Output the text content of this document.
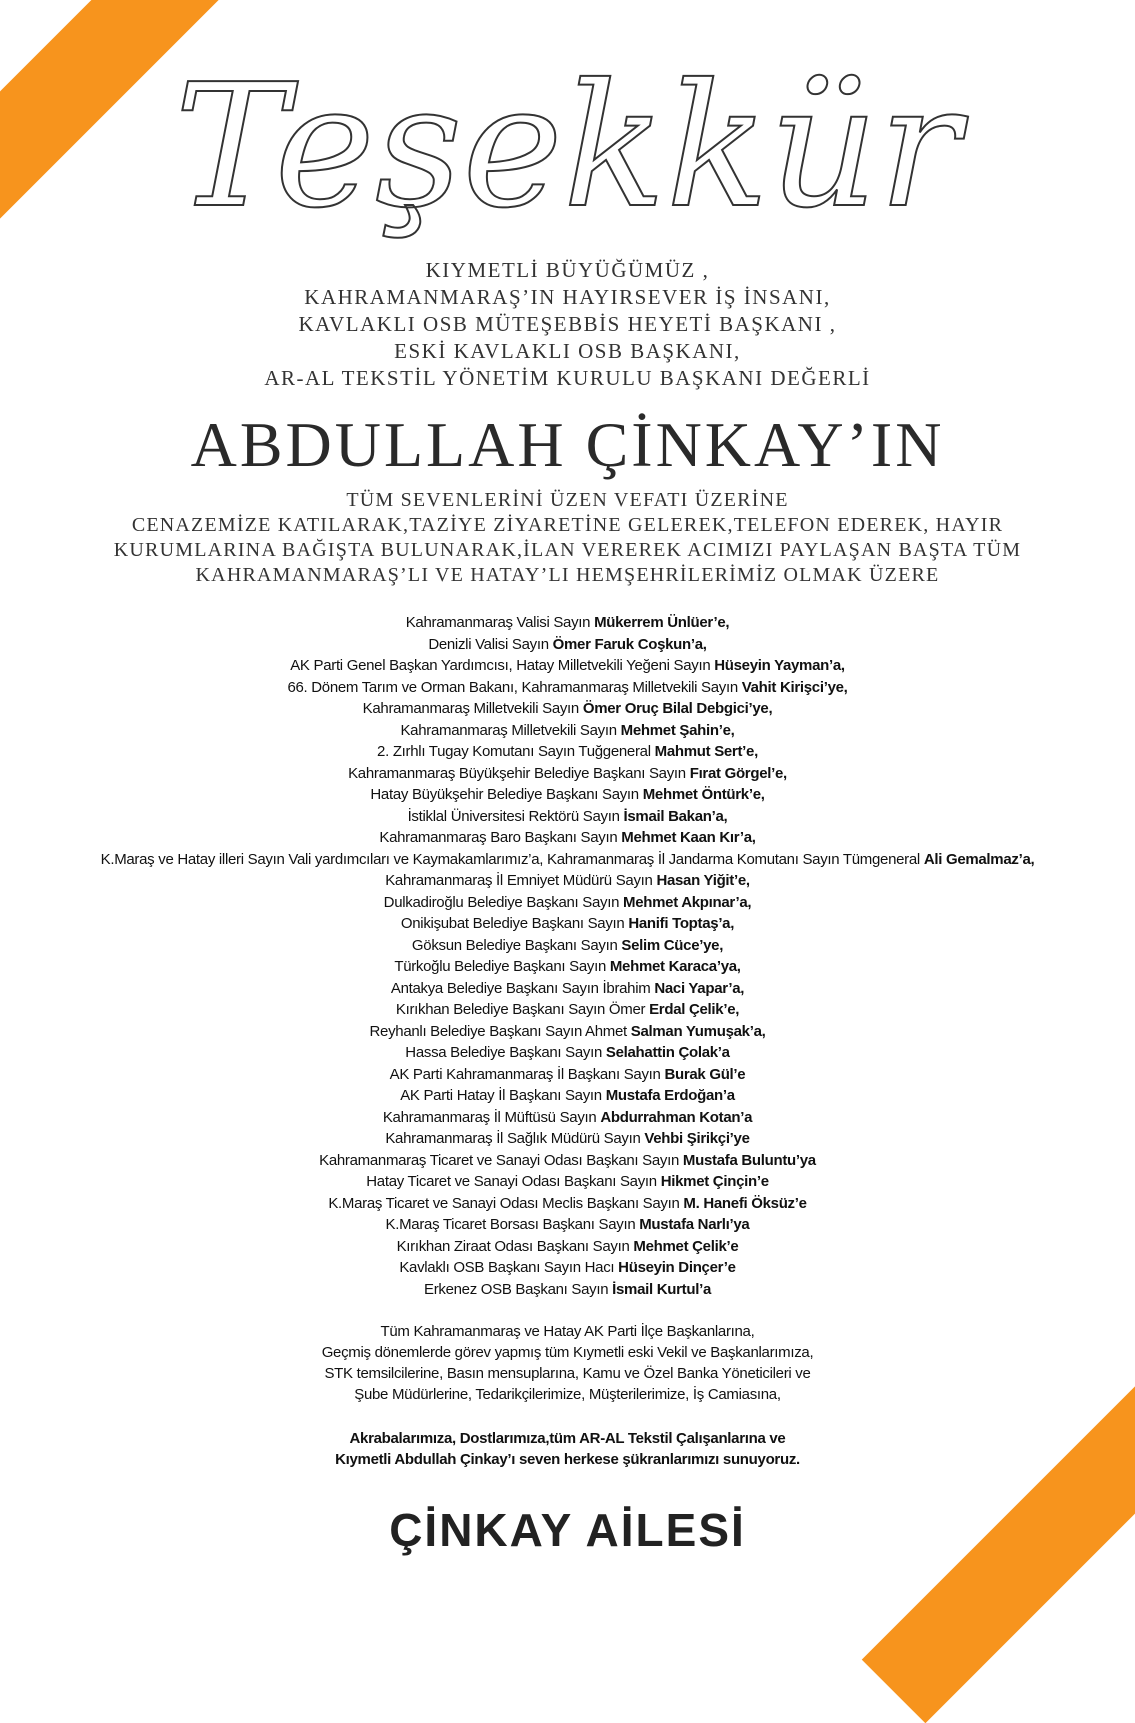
Teşekkür
KIYMETLİ BÜYÜĞÜMÜZ ,
KAHRAMANMARAŞ’IN HAYIRSEVER İŞ İNSANI,
KAVLAKLI OSB MÜTEŞEBBİS HEYETİ BAŞKANI ,
ESKİ KAVLAKLI OSB BAŞKANI,
AR-AL TEKSTİL YÖNETİM KURULU BAŞKANI DEĞERLİ
ABDULLAH ÇİNKAY’IN
TÜM SEVENLERİNİ ÜZEN VEFATI ÜZERİNE
CENAZEMİZE KATILARAK,TAZİYE ZİYARETİNE GELEREK,TELEFON EDEREK, HAYIR
KURUMLARINA BAĞIŞTA BULUNARAK,İLAN VEREREK ACIMIZI PAYLAŞAN BAŞTA TÜM
KAHRAMANMARAŞ’LI VE HATAY’LI HEMŞEHRİLERİMİZ OLMAK ÜZERE
Kahramanmaraş Valisi Sayın Mükerrem Ünlüer’e,
Denizli Valisi Sayın Ömer Faruk Coşkun’a,
AK Parti Genel Başkan Yardımcısı, Hatay Milletvekili Yeğeni Sayın Hüseyin Yayman’a,
66. Dönem Tarım ve Orman Bakanı, Kahramanmaraş Milletvekili Sayın Vahit Kirişci’ye,
Kahramanmaraş Milletvekili Sayın Ömer Oruç Bilal Debgici’ye,
Kahramanmaraş Milletvekili Sayın Mehmet Şahin’e,
2. Zırhlı Tugay Komutanı Sayın Tuğgeneral Mahmut Sert’e,
Kahramanmaraş Büyükşehir Belediye Başkanı Sayın Fırat Görgel’e,
Hatay Büyükşehir Belediye Başkanı Sayın Mehmet Öntürk’e,
İstiklal Üniversitesi Rektörü Sayın İsmail Bakan’a,
Kahramanmaraş Baro Başkanı Sayın Mehmet Kaan Kır’a,
K.Maraş ve Hatay illeri Sayın Vali yardımcıları ve Kaymakamlarımız’a, Kahramanmaraş İl Jandarma Komutanı Sayın Tümgeneral Ali Gemalmaz’a,
Kahramanmaraş İl Emniyet Müdürü Sayın Hasan Yiğit’e,
Dulkadiroğlu Belediye Başkanı Sayın Mehmet Akpınar’a,
Onikişubat Belediye Başkanı Sayın Hanifi Toptaş’a,
Göksun Belediye Başkanı Sayın Selim Cüce’ye,
Türkoğlu Belediye Başkanı Sayın Mehmet Karaca’ya,
Antakya Belediye Başkanı Sayın İbrahim Naci Yapar’a,
Kırıkhan Belediye Başkanı Sayın Ömer Erdal Çelik’e,
Reyhanlı Belediye Başkanı Sayın Ahmet Salman Yumuşak’a,
Hassa Belediye Başkanı Sayın Selahattin Çolak’a
AK Parti Kahramanmaraş İl Başkanı Sayın Burak Gül’e
AK Parti Hatay İl Başkanı Sayın Mustafa Erdoğan’a
Kahramanmaraş İl Müftüsü Sayın Abdurrahman Kotan’a
Kahramanmaraş İl Sağlık Müdürü Sayın Vehbi Şirikçi’ye
Kahramanmaraş Ticaret ve Sanayi Odası Başkanı Sayın Mustafa Buluntu’ya
Hatay Ticaret ve Sanayi Odası Başkanı Sayın Hikmet Çinçin’e
K.Maraş Ticaret ve Sanayi Odası Meclis Başkanı Sayın M. Hanefi Öksüz’e
K.Maraş Ticaret Borsası Başkanı Sayın Mustafa Narlı’ya
Kırıkhan Ziraat Odası Başkanı Sayın Mehmet Çelik’e
Kavlaklı OSB Başkanı Sayın Hacı Hüseyin Dinçer’e
Erkenez OSB Başkanı Sayın İsmail Kurtul’a
Tüm Kahramanmaraş ve Hatay AK Parti İlçe Başkanlarına,
Geçmiş dönemlerde görev yapmış tüm Kıymetli eski Vekil ve Başkanlarımıza,
STK temsilcilerine, Basın mensuplarına, Kamu ve Özel Banka Yöneticileri ve
Şube Müdürlerine, Tedarikçilerimize, Müşterilerimize, İş Camiasına,
Akrabalarımıza, Dostlarımıza,tüm AR-AL Tekstil Çalışanlarına ve
Kıymetli Abdullah Çinkay’ı seven herkese şükranlarımızı sunuyoruz.
ÇİNKAY AİLESİ
